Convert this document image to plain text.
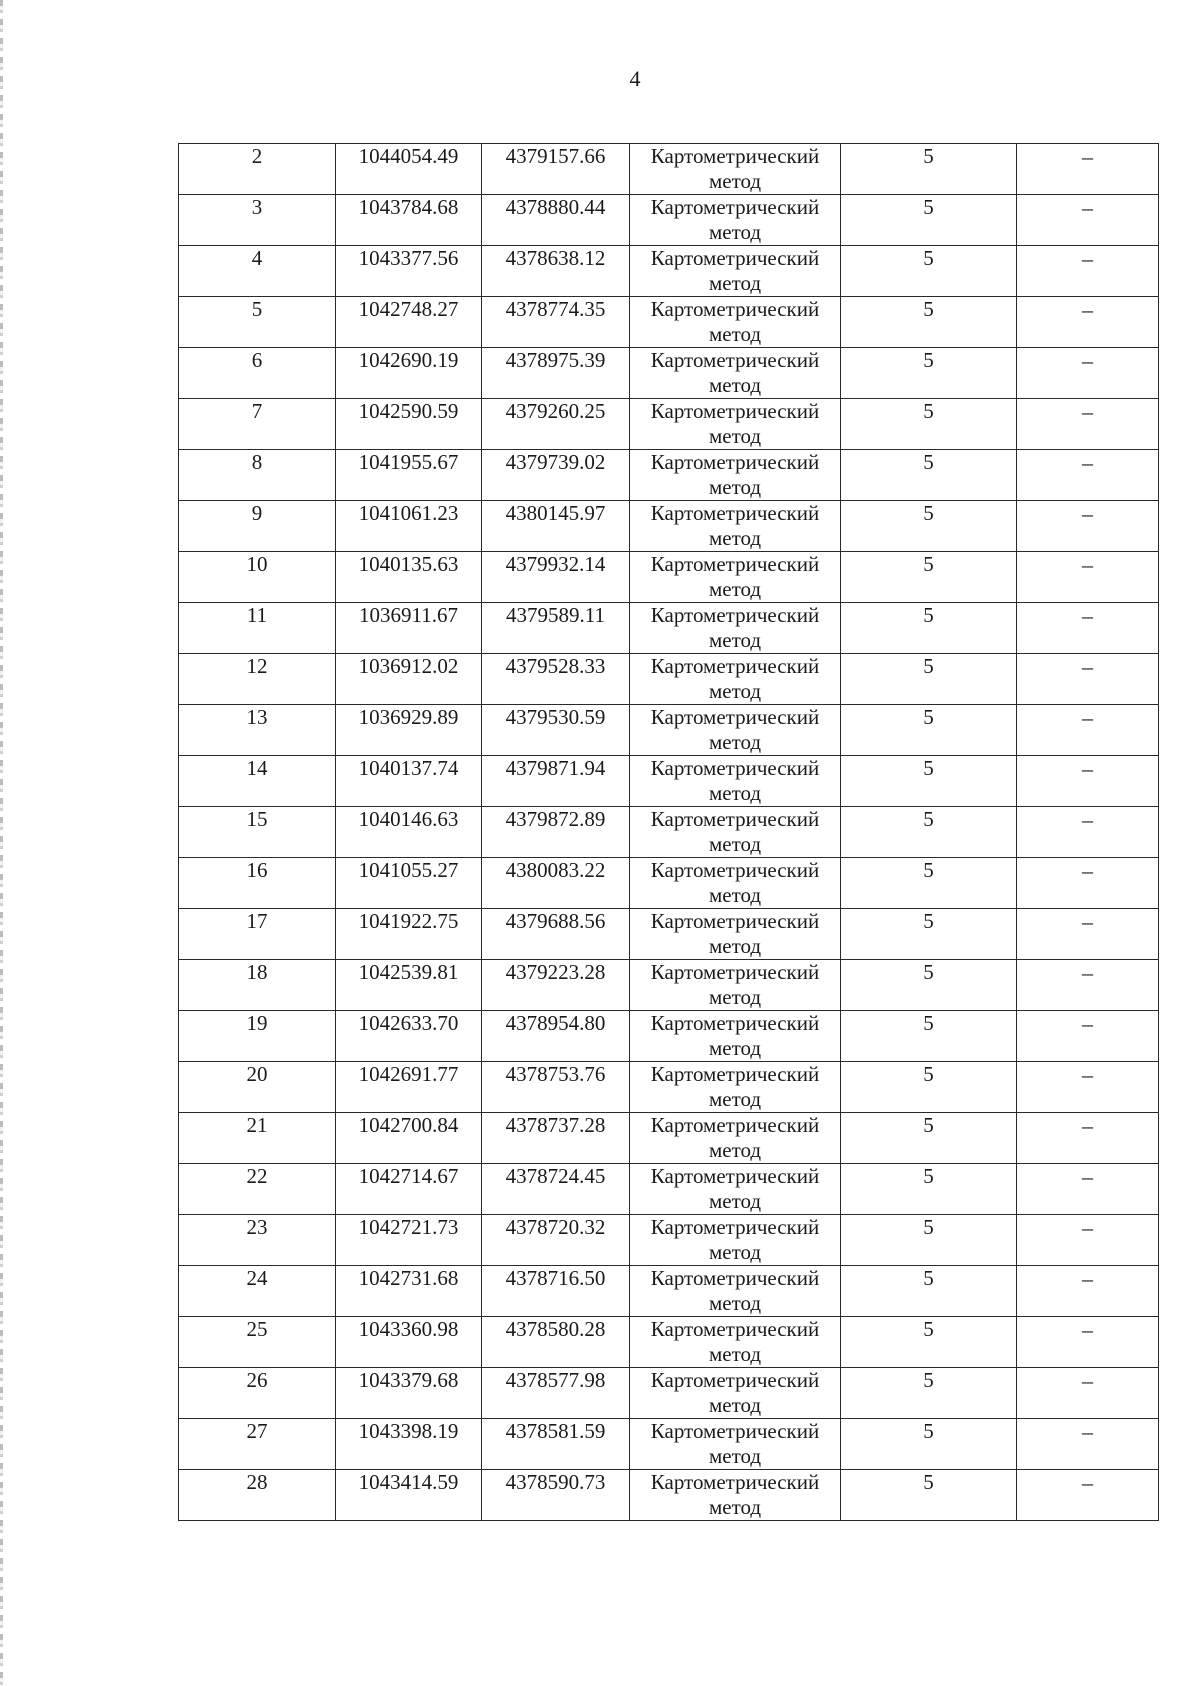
4
2	1044054.49	4379157.66	Картометрический
метод	5	–
3	1043784.68	4378880.44	Картометрический
метод	5	–
4	1043377.56	4378638.12	Картометрический
метод	5	–
5	1042748.27	4378774.35	Картометрический
метод	5	–
6	1042690.19	4378975.39	Картометрический
метод	5	–
7	1042590.59	4379260.25	Картометрический
метод	5	–
8	1041955.67	4379739.02	Картометрический
метод	5	–
9	1041061.23	4380145.97	Картометрический
метод	5	–
10	1040135.63	4379932.14	Картометрический
метод	5	–
11	1036911.67	4379589.11	Картометрический
метод	5	–
12	1036912.02	4379528.33	Картометрический
метод	5	–
13	1036929.89	4379530.59	Картометрический
метод	5	–
14	1040137.74	4379871.94	Картометрический
метод	5	–
15	1040146.63	4379872.89	Картометрический
метод	5	–
16	1041055.27	4380083.22	Картометрический
метод	5	–
17	1041922.75	4379688.56	Картометрический
метод	5	–
18	1042539.81	4379223.28	Картометрический
метод	5	–
19	1042633.70	4378954.80	Картометрический
метод	5	–
20	1042691.77	4378753.76	Картометрический
метод	5	–
21	1042700.84	4378737.28	Картометрический
метод	5	–
22	1042714.67	4378724.45	Картометрический
метод	5	–
23	1042721.73	4378720.32	Картометрический
метод	5	–
24	1042731.68	4378716.50	Картометрический
метод	5	–
25	1043360.98	4378580.28	Картометрический
метод	5	–
26	1043379.68	4378577.98	Картометрический
метод	5	–
27	1043398.19	4378581.59	Картометрический
метод	5	–
28	1043414.59	4378590.73	Картометрический
метод	5	–
